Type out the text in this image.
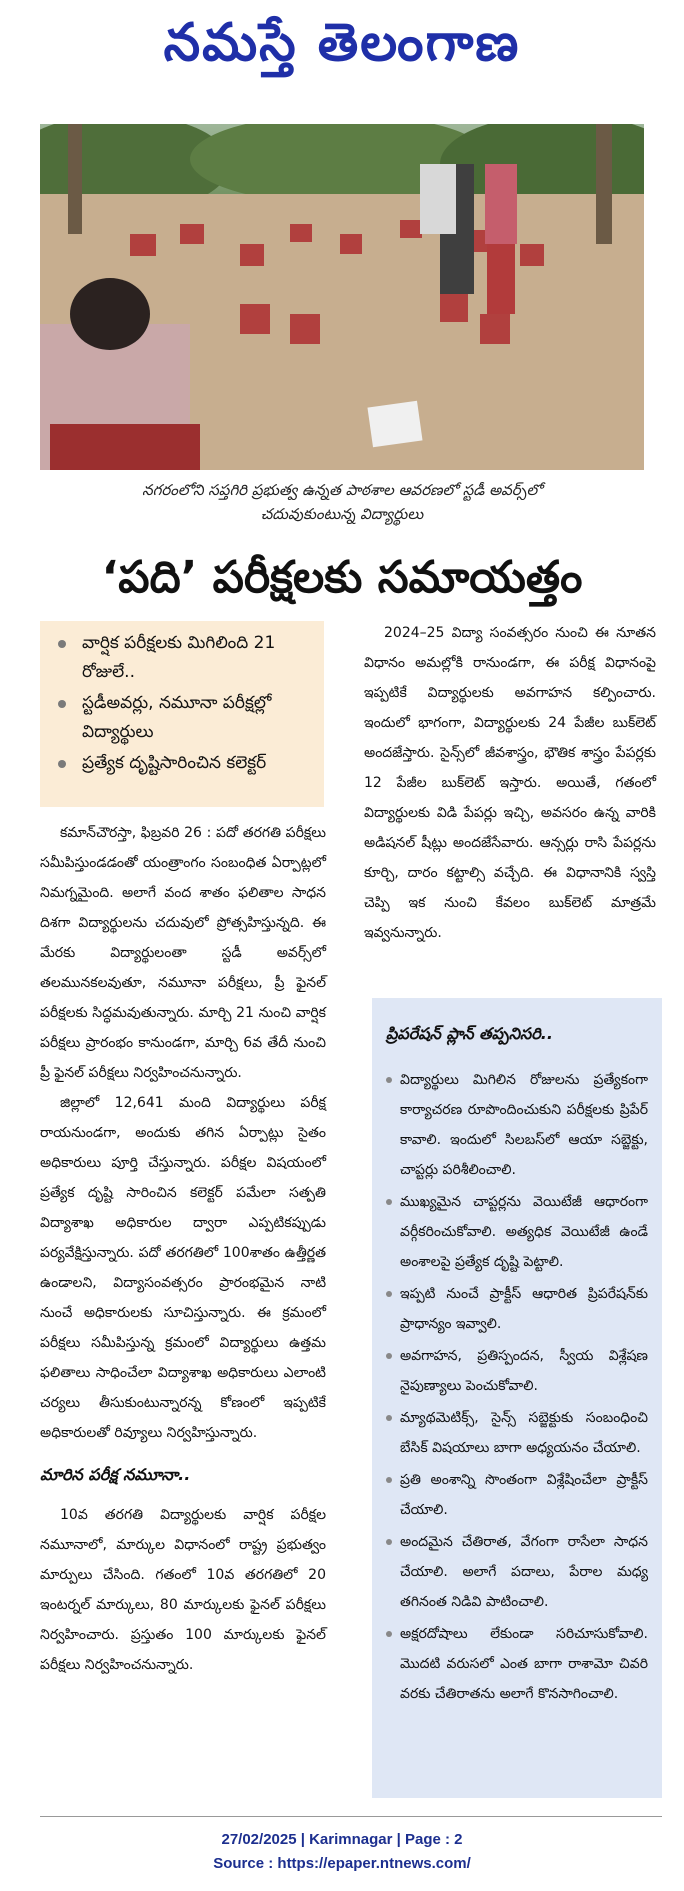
నమస్తే తెలంగాణ
నగరంలోని సప్తగిరి ప్రభుత్వ ఉన్నత పాఠశాల ఆవరణలో స్టడీ అవర్స్‌లో
చదువుకుంటున్న విద్యార్థులు
‘పది’ పరీక్షలకు సమాయత్తం
వార్షిక పరీక్షలకు మిగిలింది 21 రోజులే..
స్టడీఅవర్లు, నమూనా పరీక్షల్లో విద్యార్థులు
ప్రత్యేక దృష్టిసారించిన కలెక్టర్

కమాన్‌చౌరస్తా, ఫిబ్రవరి 26 : పదో తరగతి పరీక్షలు సమీపిస్తుండడంతో యంత్రాంగం సంబంధిత ఏర్పాట్లలో నిమగ్నమైంది. అలాగే వంద శాతం ఫలితాల సాధన దిశగా విద్యార్థులను చదువులో ప్రోత్సహిస్తున్నది. ఈ మేరకు విద్యార్థులంతా స్టడీ అవర్స్‌లో తలమునకలవుతూ, నమూనా పరీక్షలు, ప్రీ ఫైనల్ పరీక్షలకు సిద్ధమవుతున్నారు. మార్చి 21 నుంచి వార్షిక పరీక్షలు ప్రారంభం కానుండగా, మార్చి 6వ తేదీ నుంచి ప్రీ ఫైనల్ పరీక్షలు నిర్వహించనున్నారు.

జిల్లాలో 12,641 మంది విద్యార్థులు పరీక్ష రాయనుండగా, అందుకు తగిన ఏర్పాట్లు సైతం అధికారులు పూర్తి చేస్తున్నారు. పరీక్షల విషయంలో ప్రత్యేక దృష్టి సారించిన కలెక్టర్ పమేలా సత్పతి విద్యాశాఖ అధికారుల ద్వారా ఎప్పటికప్పుడు పర్యవేక్షిస్తున్నారు. పదో తరగతిలో 100శాతం ఉత్తీర్ణత ఉండాలని, విద్యాసంవత్సరం ప్రారంభమైన నాటి నుంచే అధికారులకు సూచిస్తున్నారు. ఈ క్రమంలో పరీక్షలు సమీపిస్తున్న క్రమంలో విద్యార్థులు ఉత్తమ ఫలితాలు సాధించేలా విద్యాశాఖ అధికారులు ఎలాంటి చర్యలు తీసుకుంటున్నారన్న కోణంలో ఇప్పటికే అధికారులతో రివ్యూలు నిర్వహిస్తున్నారు.

మారిన పరీక్ష నమూనా..

10వ తరగతి విద్యార్థులకు వార్షిక పరీక్షల నమూనాలో, మార్కుల విధానంలో రాష్ట్ర ప్రభుత్వం మార్పులు చేసింది. గతంలో 10వ తరగతిలో 20 ఇంటర్నల్ మార్కులు, 80 మార్కులకు ఫైనల్ పరీక్షలు నిర్వహించారు. ప్రస్తుతం 100 మార్కులకు ఫైనల్ పరీక్షలు నిర్వహించనున్నారు.

2024–25 విద్యా సంవత్సరం నుంచి ఈ నూతన విధానం అమల్లోకి రానుండగా, ఈ పరీక్ష విధానంపై ఇప్పటికే విద్యార్థులకు అవగాహన కల్పించారు. ఇందులో భాగంగా, విద్యార్థులకు 24 పేజీల బుక్‌లెట్ అందజేస్తారు. సైన్స్‌లో జీవశాస్త్రం, భౌతిక శాస్త్రం పేపర్లకు 12 పేజీల బుక్‌లెట్ ఇస్తారు. అయితే, గతంలో విద్యార్థులకు విడి పేపర్లు ఇచ్చి, అవసరం ఉన్న వారికి అడిషనల్ షీట్లు అందజేసేవారు. ఆన్సర్లు రాసి పేపర్లను కూర్చి, దారం కట్టాల్సి వచ్చేది. ఈ విధానానికి స్వస్తి చెప్పి ఇక నుంచి కేవలం బుక్‌లెట్ మాత్రమే ఇవ్వనున్నారు.

ప్రిపరేషన్ ప్లాన్ తప్పనిసరి..
విద్యార్థులు మిగిలిన రోజులను ప్రత్యేకంగా కార్యాచరణ రూపొందించుకుని పరీక్షలకు ప్రిపేర్ కావాలి. ఇందులో సిలబస్‌లో ఆయా సబ్జెక్టు, చాప్టర్లు పరిశీలించాలి.
ముఖ్యమైన చాప్టర్లను వెయిటేజీ ఆధారంగా వర్గీకరించుకోవాలి. అత్యధిక వెయిటేజీ ఉండే అంశాలపై ప్రత్యేక దృష్టి పెట్టాలి.
ఇప్పటి నుంచే ప్రాక్టీస్ ఆధారిత ప్రిపరేషన్‌కు ప్రాధాన్యం ఇవ్వాలి.
అవగాహన, ప్రతిస్పందన, స్వీయ విశ్లేషణ నైపుణ్యాలు పెంచుకోవాలి.
మ్యాథమెటిక్స్, సైన్స్ సబ్జెక్టుకు సంబంధించి బేసిక్ విషయాలు బాగా అధ్యయనం చేయాలి.
ప్రతి అంశాన్ని సొంతంగా విశ్లేషించేలా ప్రాక్టీస్ చేయాలి.
అందమైన చేతిరాత, వేగంగా రాసేలా సాధన చేయాలి. అలాగే పదాలు, పేరాల మధ్య తగినంత నిడివి పాటించాలి.
అక్షరదోషాలు లేకుండా సరిచూసుకోవాలి. మొదటి వరుసలో ఎంత బాగా రాశామో చివరి వరకు చేతిరాతను అలాగే కొనసాగించాలి.
27/02/2025 | Karimnagar | Page : 2
Source : https://epaper.ntnews.com/
